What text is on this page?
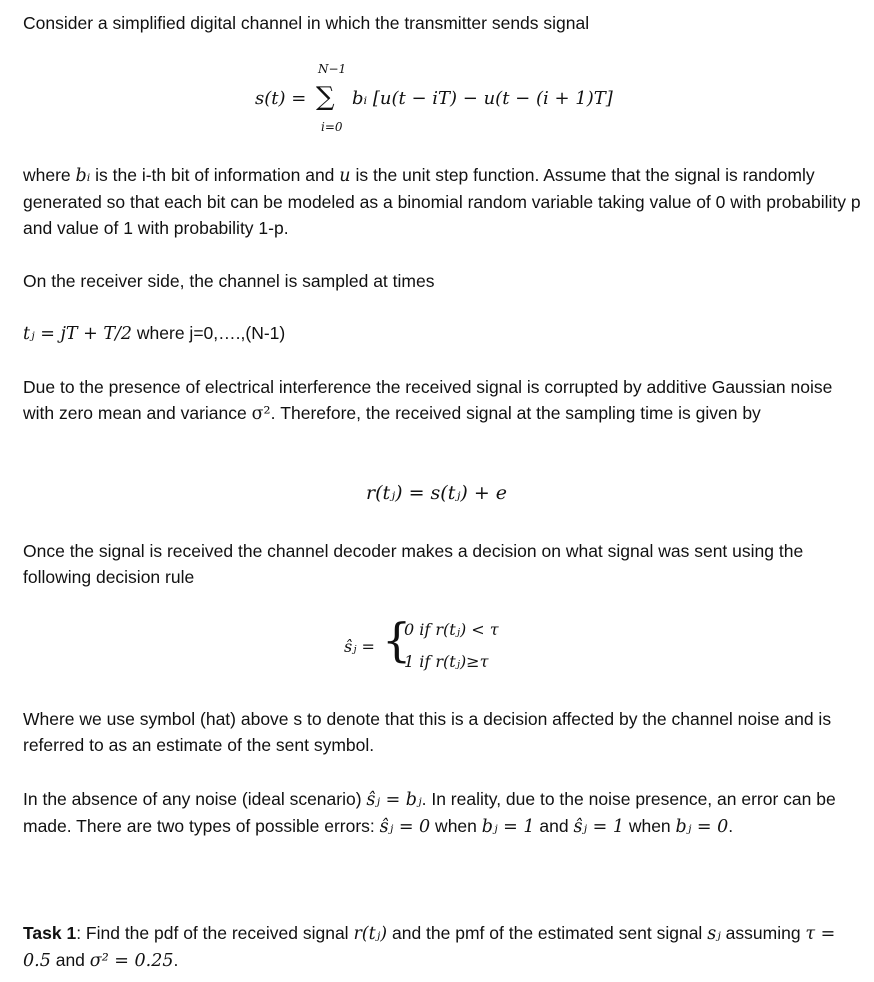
Consider a simplified digital channel in which the transmitter sends signal

s(t) =
N−1
∑
i=0
bᵢ [u(t − iT) − u(t − (i + 1)T]

where bᵢ is the i-th bit of information and u is the unit step function. Assume that the signal is randomly generated so that each bit can be modeled as a binomial random variable taking value of 0 with probability p and value of 1 with probability 1-p.

On the receiver side, the channel is sampled at times

tⱼ = jT + T/2 where j=0,….,(N-1)

Due to the presence of electrical interference the received signal is corrupted by additive Gaussian noise with zero mean and variance σ². Therefore, the received signal at the sampling time is given by

r(tⱼ) = s(tⱼ) + e

Once the signal is received the channel decoder makes a decision on what signal was sent using the following decision rule

ŝⱼ = {
0 if r(tⱼ) < τ
1 if r(tⱼ)≥τ

Where we use symbol (hat) above s to denote that this is a decision affected by the channel noise and is referred to as an estimate of the sent symbol.

In the absence of any noise (ideal scenario) ŝⱼ = bⱼ. In reality, due to the noise presence, an error can be made. There are two types of possible errors: ŝⱼ = 0 when bⱼ = 1 and ŝⱼ = 1 when bⱼ = 0.

Task 1: Find the pdf of the received signal r(tⱼ) and the pmf of the estimated sent signal sⱼ assuming τ = 0.5 and σ² = 0.25.
